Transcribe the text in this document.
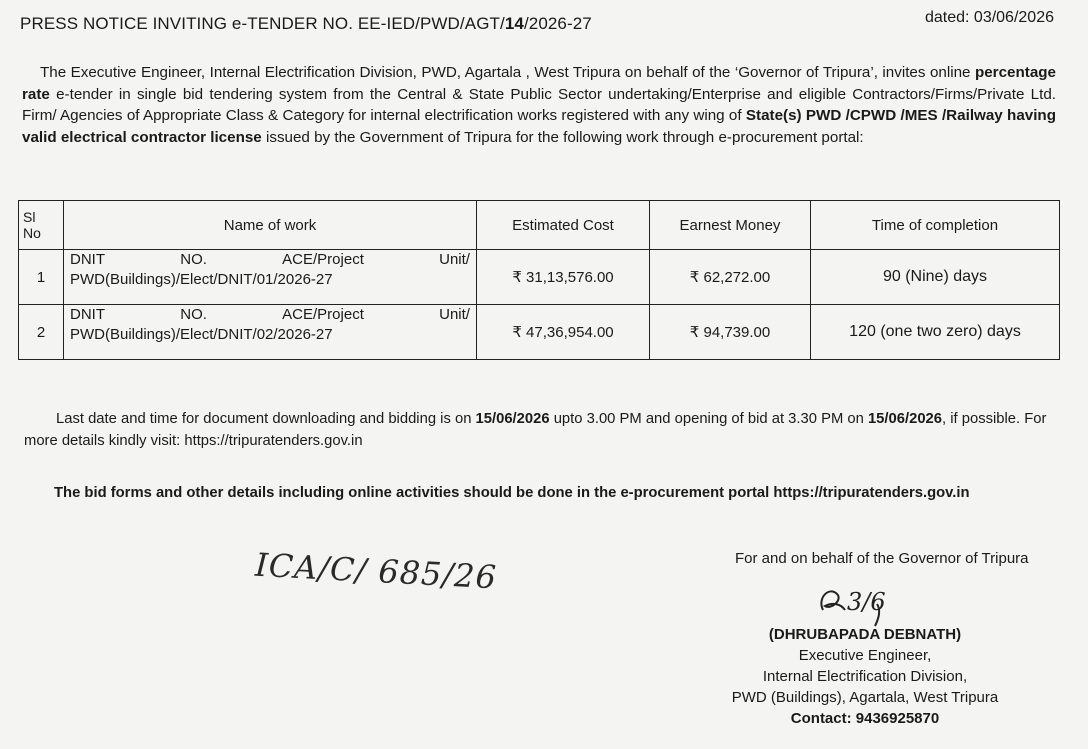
PRESS NOTICE INVITING e-TENDER NO. EE-IED/PWD/AGT/14/2026-27	dated: 03/06/2026
The Executive Engineer, Internal Electrification Division, PWD, Agartala , West Tripura on behalf of the ‘Governor of Tripura’, invites online percentage rate e-tender in single bid tendering system from the Central & State Public Sector undertaking/Enterprise and eligible Contractors/Firms/Private Ltd. Firm/ Agencies of Appropriate Class & Category for internal electrification works registered with any wing of State(s) PWD /CPWD /MES /Railway having valid electrical contractor license issued by the Government of Tripura for the following work through e-procurement portal:
Sl No	Name of work	Estimated Cost	Earnest Money	Time of completion
1	DNIT NO. ACE/Project Unit/
PWD(Buildings)/Elect/DNIT/01/2026-27	₹ 31,13,576.00	₹ 62,272.00	90 (Nine) days
2	DNIT NO. ACE/Project Unit/
PWD(Buildings)/Elect/DNIT/02/2026-27	₹ 47,36,954.00	₹ 94,739.00	120 (one two zero) days
Last date and time for document downloading and bidding is on 15/06/2026 upto 3.00 PM and opening of bid at 3.30 PM on 15/06/2026, if possible. For more details kindly visit: https://tripuratenders.gov.in
The bid forms and other details including online activities should be done in the e-procurement portal https://tripuratenders.gov.in
ICA/C/ 685/26	For and on behalf of the Governor of Tripura
3/6
(DHRUBAPADA DEBNATH)
Executive Engineer,
Internal Electrification Division,
PWD (Buildings), Agartala, West Tripura
Contact: 9436925870
